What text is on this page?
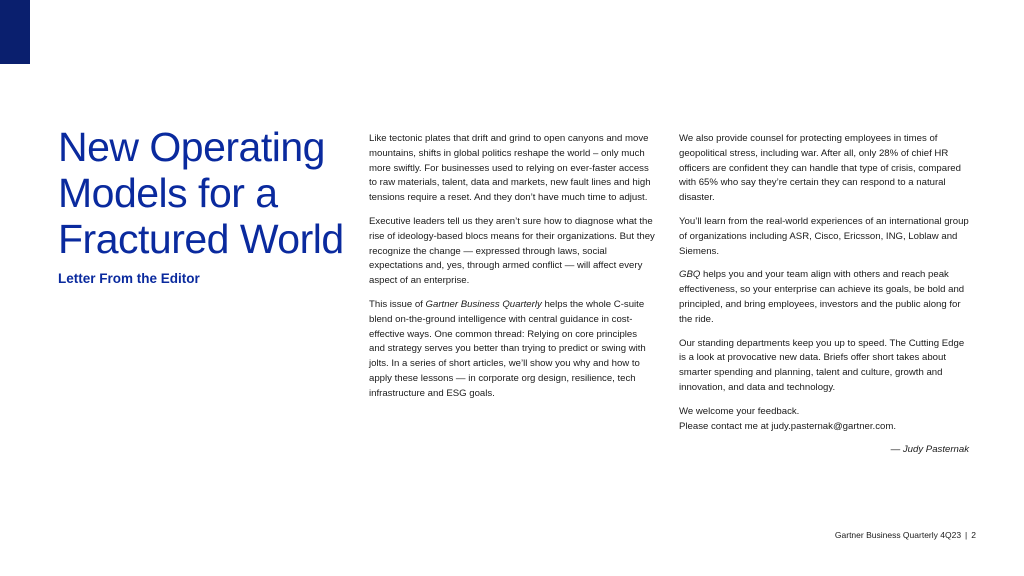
New Operating
Models for a
Fractured World
Letter From the Editor

Like tectonic plates that drift and grind to open canyons and move mountains, shifts in global politics reshape the world – only much more swiftly. For businesses used to relying on ever-faster access to raw materials, talent, data and markets, new fault lines and high tensions require a reset. And they don’t have much time to adjust.

Executive leaders tell us they aren’t sure how to diagnose what the rise of ideology-based blocs means for their organizations. But they recognize the change — expressed through laws, social expectations and, yes, through armed conflict — will affect every aspect of an enterprise.

This issue of Gartner Business Quarterly helps the whole C-suite blend on-the-ground intelligence with central guidance in cost-effective ways. One common thread: Relying on core principles and strategy serves you better than trying to predict or swing with jolts. In a series of short articles, we’ll show you why and how to apply these lessons — in corporate org design, resilience, tech infrastructure and ESG goals.

We also provide counsel for protecting employees in times of geopolitical stress, including war. After all, only 28% of chief HR officers are confident they can handle that type of crisis, compared with 65% who say they’re certain they can respond to a natural disaster.

You’ll learn from the real-world experiences of an international group of organizations including ASR, Cisco, Ericsson, ING, Loblaw and Siemens.

GBQ helps you and your team align with others and reach peak effectiveness, so your enterprise can achieve its goals, be bold and principled, and bring employees, investors and the public along for the ride.

Our standing departments keep you up to speed. The Cutting Edge is a look at provocative new data. Briefs offer short takes about smarter spending and planning, talent and culture, growth and innovation, and data and technology.

We welcome your feedback.
Please contact me at judy.pasternak@gartner.com.

— Judy Pasternak
Gartner Business Quarterly 4Q23 | 2
